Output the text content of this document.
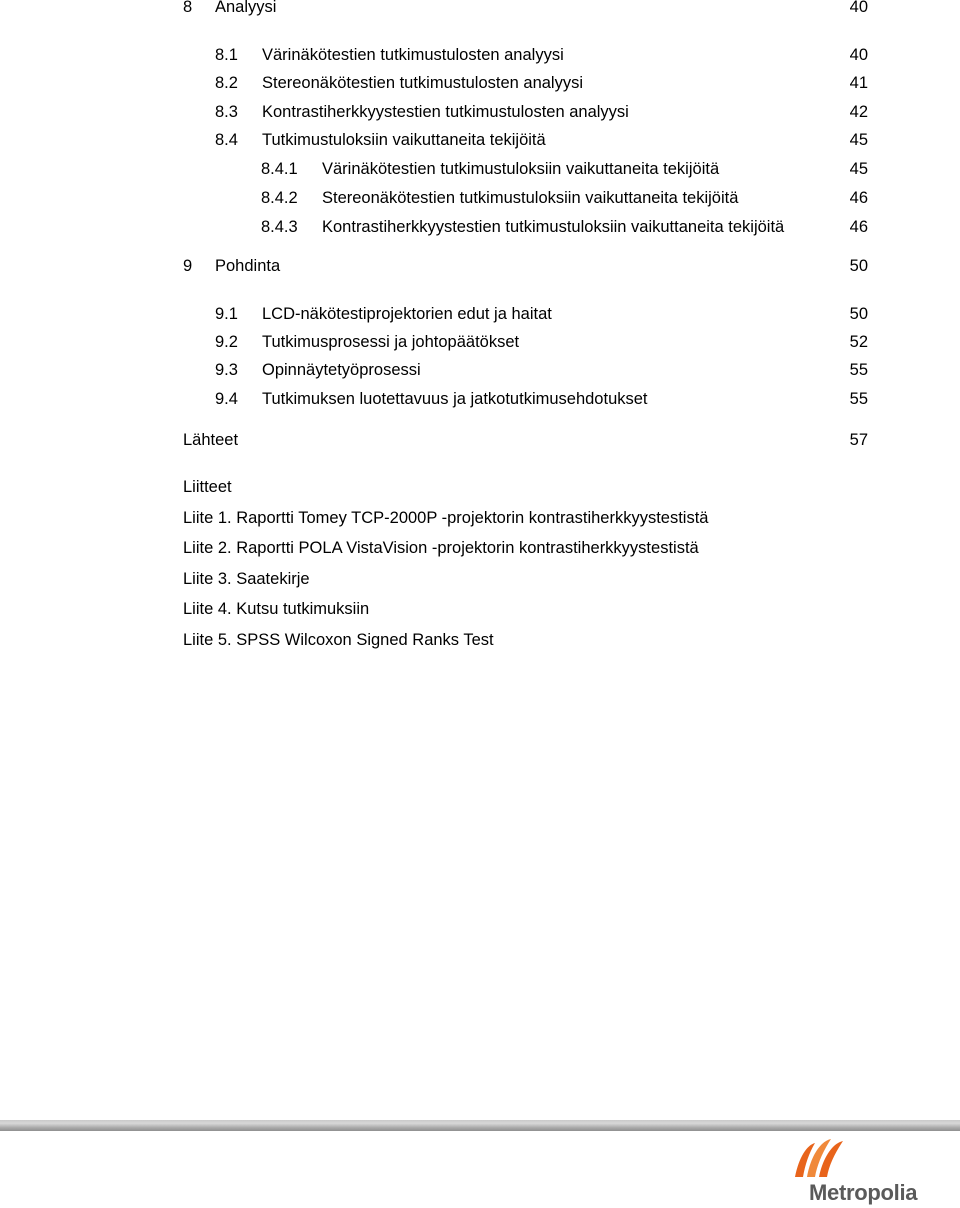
8 Analyysi	40
8.1 Värinäkötestien tutkimustulosten analyysi	40
8.2 Stereonäkötestien tutkimustulosten analyysi	41
8.3 Kontrastiherkkyystestien tutkimustulosten analyysi	42
8.4 Tutkimustuloksiin vaikuttaneita tekijöitä	45
8.4.1 Värinäkötestien tutkimustuloksiin vaikuttaneita tekijöitä	45
8.4.2 Stereonäkötestien tutkimustuloksiin vaikuttaneita tekijöitä	46
8.4.3 Kontrastiherkkyystestien tutkimustuloksiin vaikuttaneita tekijöitä	46
9 Pohdinta	50
9.1 LCD-näkötestiprojektorien edut ja haitat	50
9.2 Tutkimusprosessi ja johtopäätökset	52
9.3 Opinnäytetyöprosessi	55
9.4 Tutkimuksen luotettavuus ja jatkotutkimusehdotukset	55
Lähteet	57
Liitteet
Liite 1. Raportti Tomey TCP-2000P -projektorin kontrastiherkkyystestistä
Liite 2. Raportti POLA VistaVision -projektorin kontrastiherkkyystestistä
Liite 3. Saatekirje
Liite 4. Kutsu tutkimuksiin
Liite 5. SPSS Wilcoxon Signed Ranks Test
Metropolia
